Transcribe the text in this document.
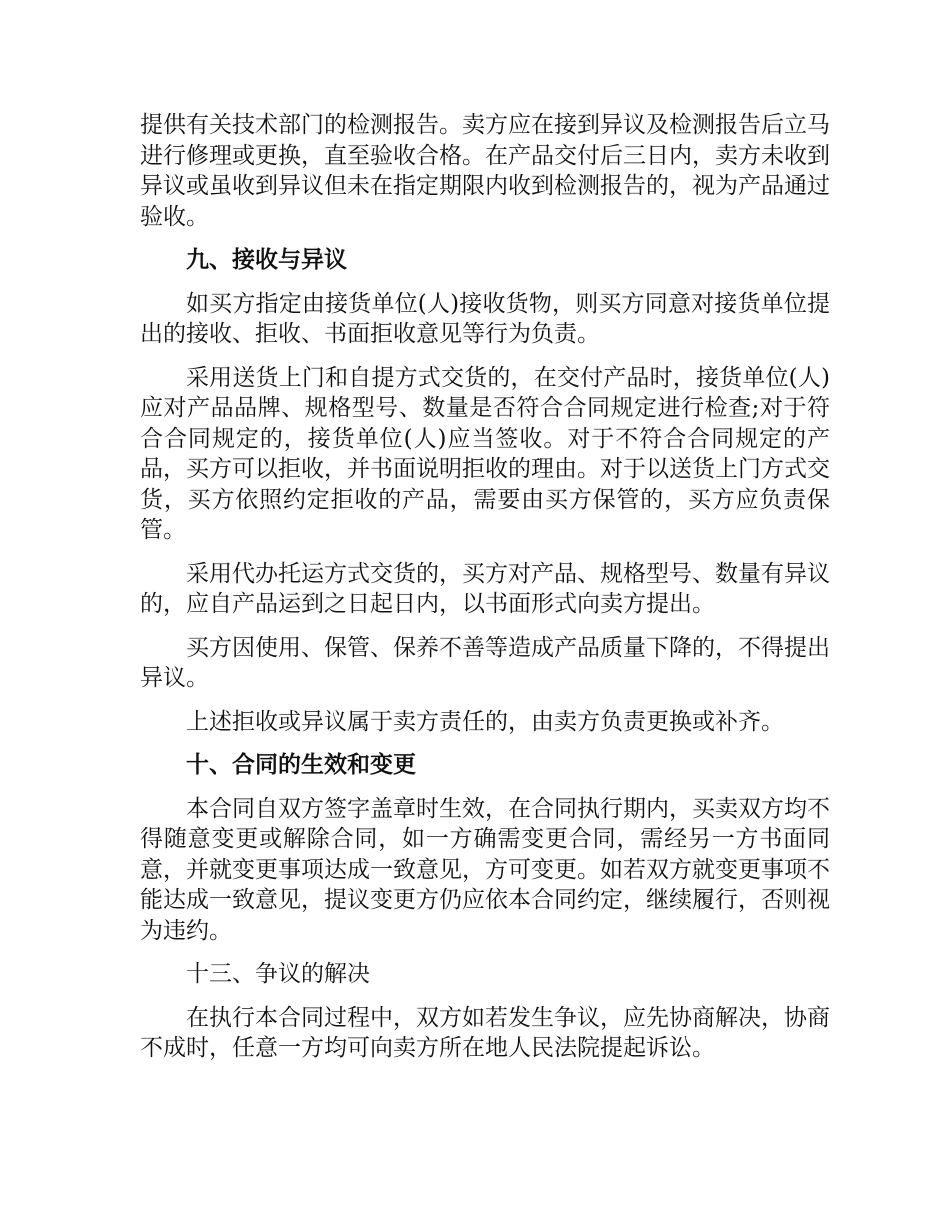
提供有关技术部门的检测报告。卖方应在接到异议及检测报告后立马进行修理或更换，直至验收合格。在产品交付后三日内，卖方未收到异议或虽收到异议但未在指定期限内收到检测报告的，视为产品通过验收。

九、接收与异议

如买方指定由接货单位(人)接收货物，则买方同意对接货单位提出的接收、拒收、书面拒收意见等行为负责。

采用送货上门和自提方式交货的，在交付产品时，接货单位(人)应对产品品牌、规格型号、数量是否符合合同规定进行检查;对于符合合同规定的，接货单位(人)应当签收。对于不符合合同规定的产品，买方可以拒收，并书面说明拒收的理由。对于以送货上门方式交货，买方依照约定拒收的产品，需要由买方保管的，买方应负责保管。

采用代办托运方式交货的，买方对产品、规格型号、数量有异议的，应自产品运到之日起日内，以书面形式向卖方提出。

买方因使用、保管、保养不善等造成产品质量下降的，不得提出异议。

上述拒收或异议属于卖方责任的，由卖方负责更换或补齐。

十、合同的生效和变更

本合同自双方签字盖章时生效，在合同执行期内，买卖双方均不得随意变更或解除合同，如一方确需变更合同，需经另一方书面同意，并就变更事项达成一致意见，方可变更。如若双方就变更事项不能达成一致意见，提议变更方仍应依本合同约定，继续履行，否则视为违约。

十三、争议的解决

在执行本合同过程中，双方如若发生争议，应先协商解决，协商不成时，任意一方均可向卖方所在地人民法院提起诉讼。
